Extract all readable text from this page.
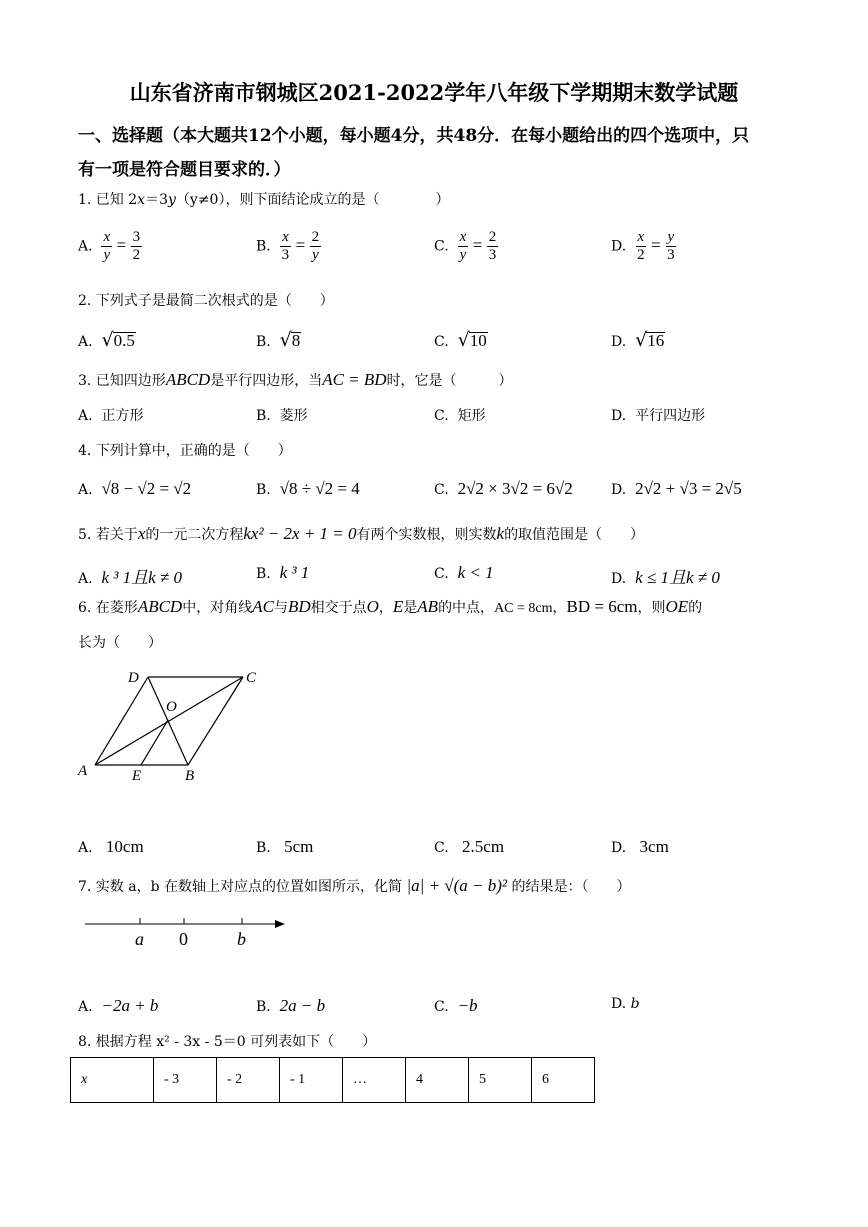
山东省济南市钢城区2021-2022学年八年级下学期期末数学试题
一、选择题（本大题共12个小题，每小题4分，共48分．在每小题给出的四个选项中，只
有一项是符合题目要求的．）
1. 已知 2x＝3y（y≠0），则下面结论成立的是（　　　　）
A. $\frac{x}{y} = \frac{3}{2}$	B. $\frac{x}{3} = \frac{2}{y}$	C. $\frac{x}{y} = \frac{2}{3}$	D. $\frac{x}{2} = \frac{y}{3}$
2. 下列式子是最简二次根式的是（　　）
A. √0.5	B. √8	C. √10	D. √16
3. 已知四边形ABCD是平行四边形，当AC = BD时，它是（　　　）
A. 正方形	B. 菱形	C. 矩形	D. 平行四边形
4. 下列计算中，正确的是（　　）
A. √8 − √2 = √2	B. √8 ÷ √2 = 4	C. 2√2 × 3√2 = 6√2	D. 2√2 + √3 = 2√5
5. 若关于x的一元二次方程kx² − 2x + 1 = 0有两个实数根，则实数k的取值范围是（　　）
A. k ³ 1且k ≠ 0	B. k ³ 1	C. k < 1	D. k ≤ 1且k ≠ 0
6. 在菱形ABCD中，对角线AC与BD相交于点O，E是AB的中点，AC = 8cm，BD = 6cm，则OE的
长为（　　）
A	B
C
D
O
E
A. 10cm	B. 5cm	C. 2.5cm	D. 3cm
7. 实数 a，b 在数轴上对应点的位置如图所示，化简 |a| + √(a − b)² 的结果是：（　　）
a 0	b
A. −2a + b	B. 2a − b	C. −b	D. b
8. 根据方程 x² - 3x - 5＝0 可列表如下（　　）
x	- 3	- 2	- 1	…	4	5	6
